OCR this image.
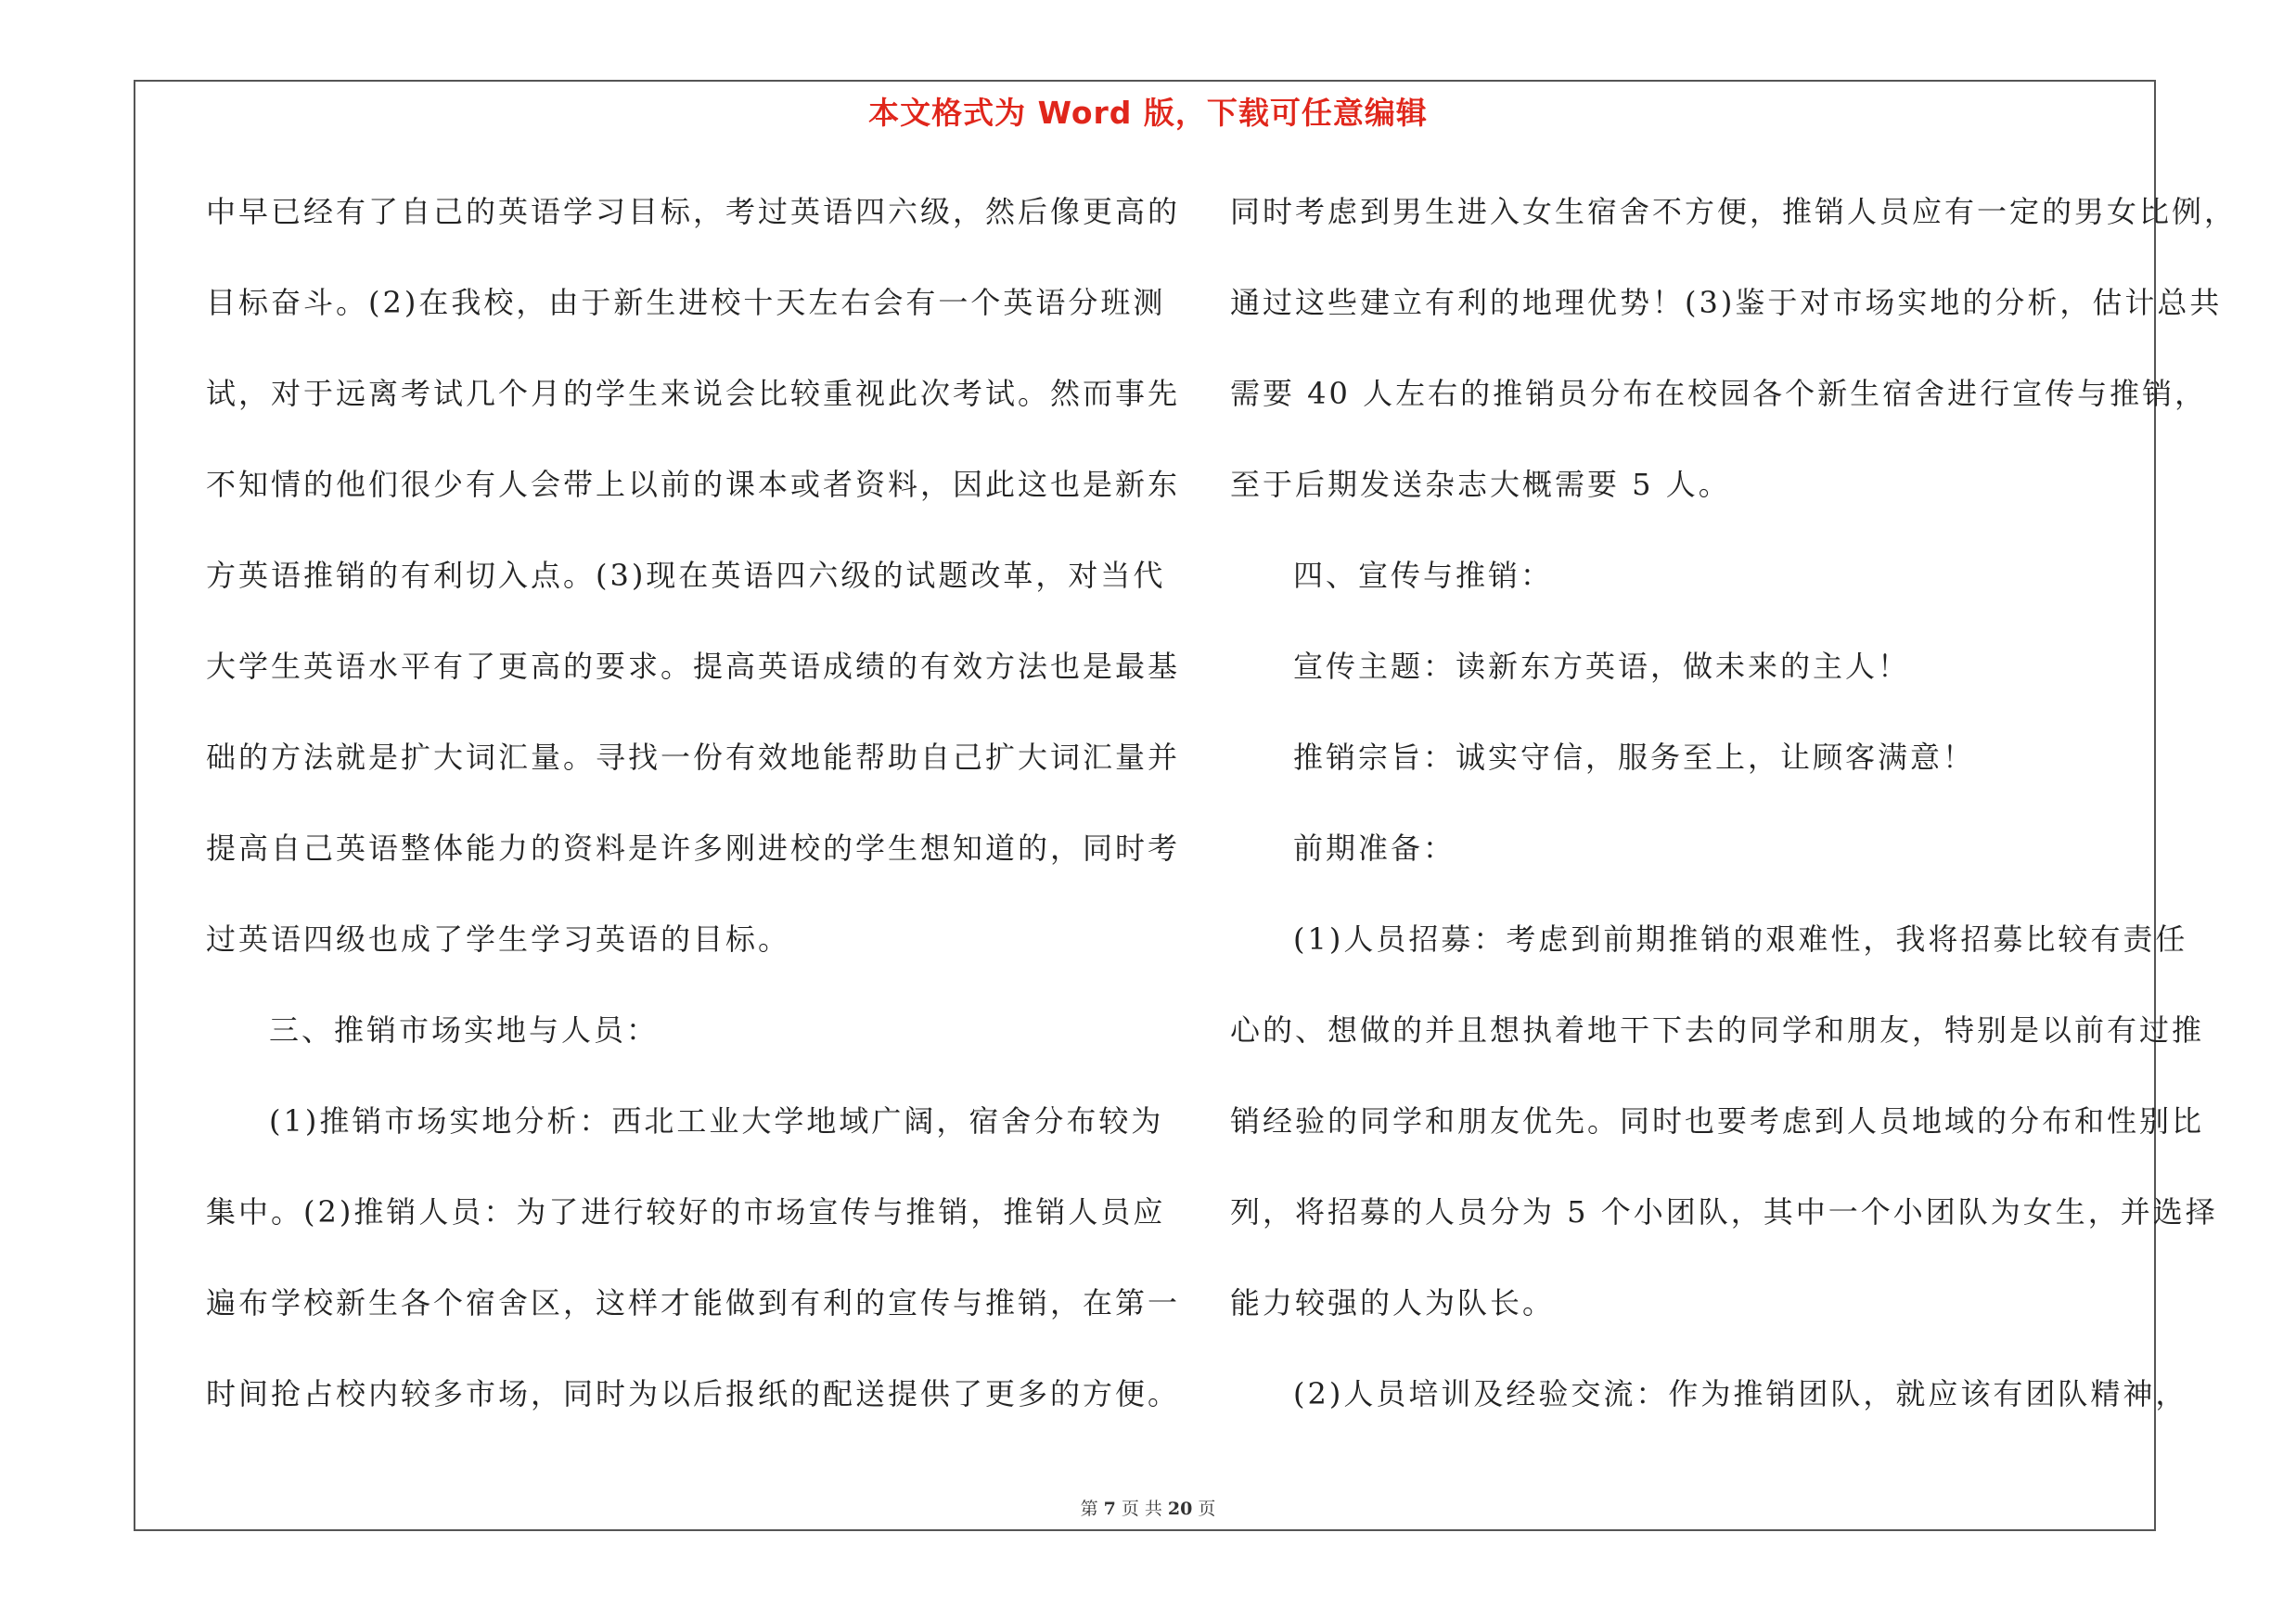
本文格式为 Word 版，下载可任意编辑
中早已经有了自己的英语学习目标，考过英语四六级，然后像更高的
目标奋斗。(2)在我校，由于新生进校十天左右会有一个英语分班测
试，对于远离考试几个月的学生来说会比较重视此次考试。然而事先
不知情的他们很少有人会带上以前的课本或者资料，因此这也是新东
方英语推销的有利切入点。(3)现在英语四六级的试题改革，对当代
大学生英语水平有了更高的要求。提高英语成绩的有效方法也是最基
础的方法就是扩大词汇量。寻找一份有效地能帮助自己扩大词汇量并
提高自己英语整体能力的资料是许多刚进校的学生想知道的，同时考
过英语四级也成了学生学习英语的目标。
三、推销市场实地与人员：
(1)推销市场实地分析：西北工业大学地域广阔，宿舍分布较为
集中。(2)推销人员：为了进行较好的市场宣传与推销，推销人员应
遍布学校新生各个宿舍区，这样才能做到有利的宣传与推销，在第一
时间抢占校内较多市场，同时为以后报纸的配送提供了更多的方便。
同时考虑到男生进入女生宿舍不方便，推销人员应有一定的男女比例，
通过这些建立有利的地理优势！(3)鉴于对市场实地的分析，估计总共
需要 40 人左右的推销员分布在校园各个新生宿舍进行宣传与推销，
至于后期发送杂志大概需要 5 人。
四、宣传与推销：
宣传主题：读新东方英语，做未来的主人！
推销宗旨：诚实守信，服务至上，让顾客满意！
前期准备：
(1)人员招募：考虑到前期推销的艰难性，我将招募比较有责任
心的、想做的并且想执着地干下去的同学和朋友，特别是以前有过推
销经验的同学和朋友优先。同时也要考虑到人员地域的分布和性别比
列，将招募的人员分为 5 个小团队，其中一个小团队为女生，并选择
能力较强的人为队长。
(2)人员培训及经验交流：作为推销团队，就应该有团队精神，
第 7 页 共 20 页
